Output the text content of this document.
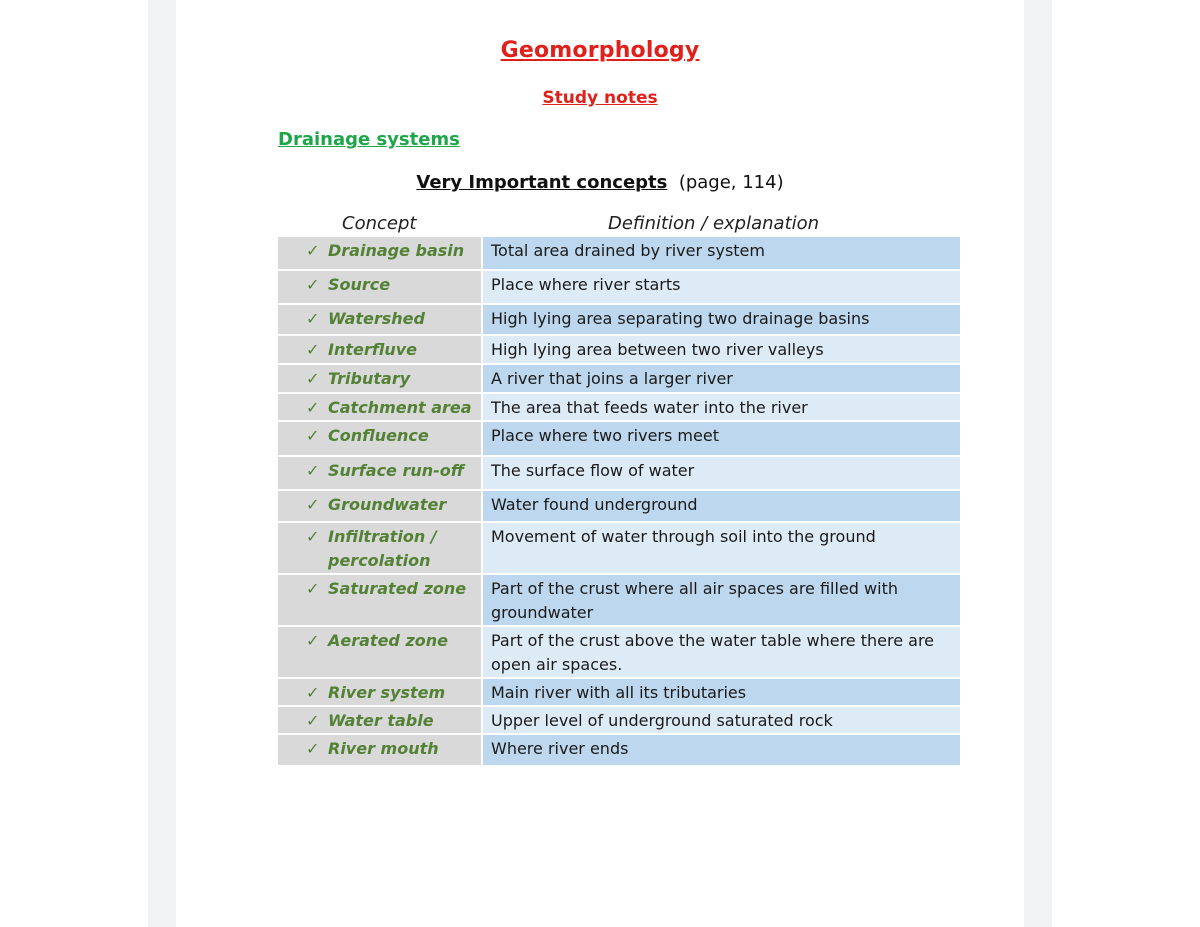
Geomorphology
Study notes
Drainage systems
Very Important concepts (page, 114)
Concept	Definition / explanation
✓ Drainage basin	Total area drained by river system

✓ Source	Place where river starts

✓ Watershed	High lying area separating two drainage basins

✓ Interfluve	High lying area between two river valleys

✓ Tributary	A river that joins a larger river

✓ Catchment area	The area that feeds water into the river

✓ Confluence	Place where two rivers meet

✓ Surface run-off	The surface flow of water

✓ Groundwater	Water found underground

✓ Infiltration / percolation	Movement of water through soil into the ground

✓ Saturated zone	Part of the crust where all air spaces are filled with groundwater

✓ Aerated zone	Part of the crust above the water table where there are open air spaces.

✓ River system	Main river with all its tributaries

✓ Water table	Upper level of underground saturated rock

✓ River mouth	Where river ends
